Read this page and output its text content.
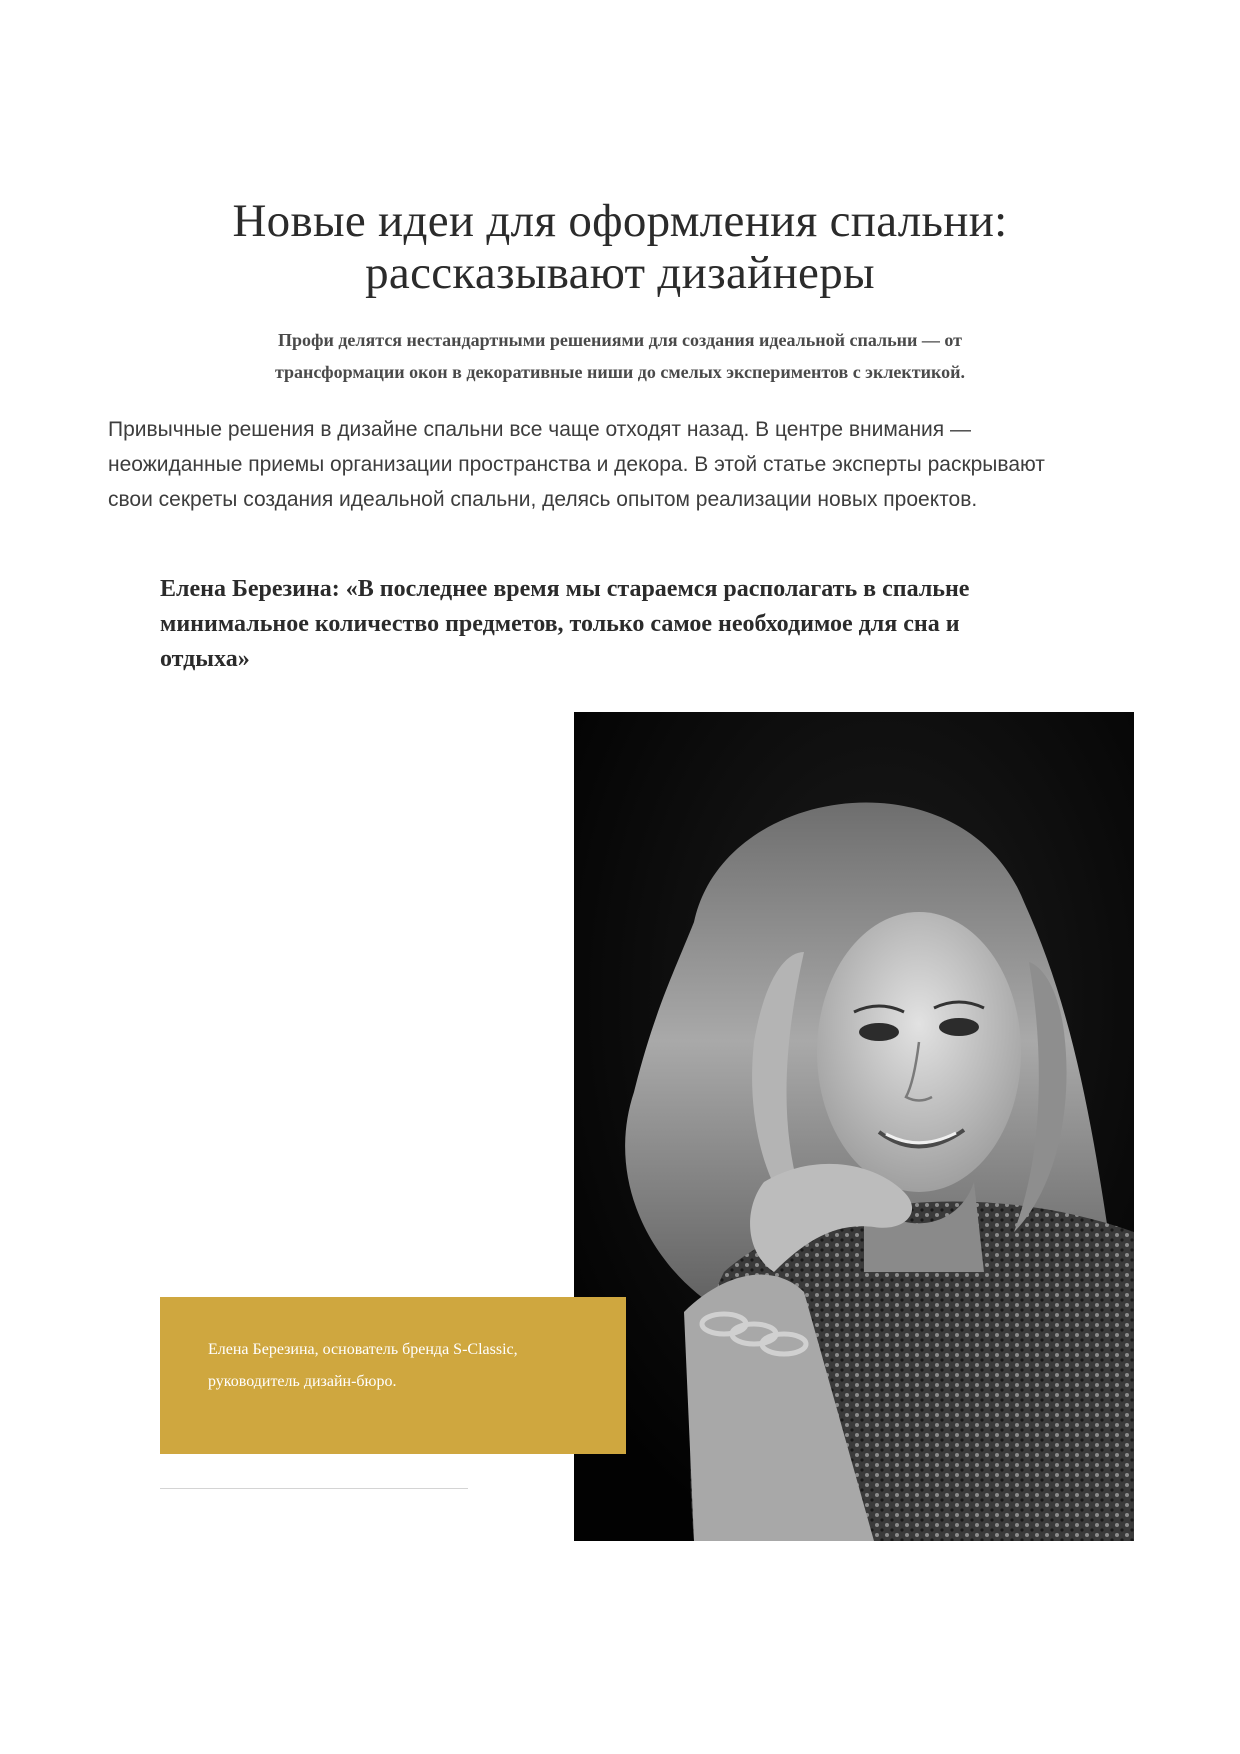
Новые идеи для оформления спальни:
рассказывают дизайнеры

Профи делятся нестандартными решениями для создания идеальной спальни — от
трансформации окон в декоративные ниши до смелых экспериментов с эклектикой.

Привычные решения в дизайне спальни все чаще отходят назад. В центре внимания —
неожиданные приемы организации пространства и декора. В этой статье эксперты раскрывают
свои секреты создания идеальной спальни, делясь опытом реализации новых проектов.

Елена Березина: «В последнее время мы стараемся располагать в спальне
минимальное количество предметов, только самое необходимое для сна и
отдыха»

Елена Березина, основатель бренда S-Classic,
руководитель дизайн-бюро.
